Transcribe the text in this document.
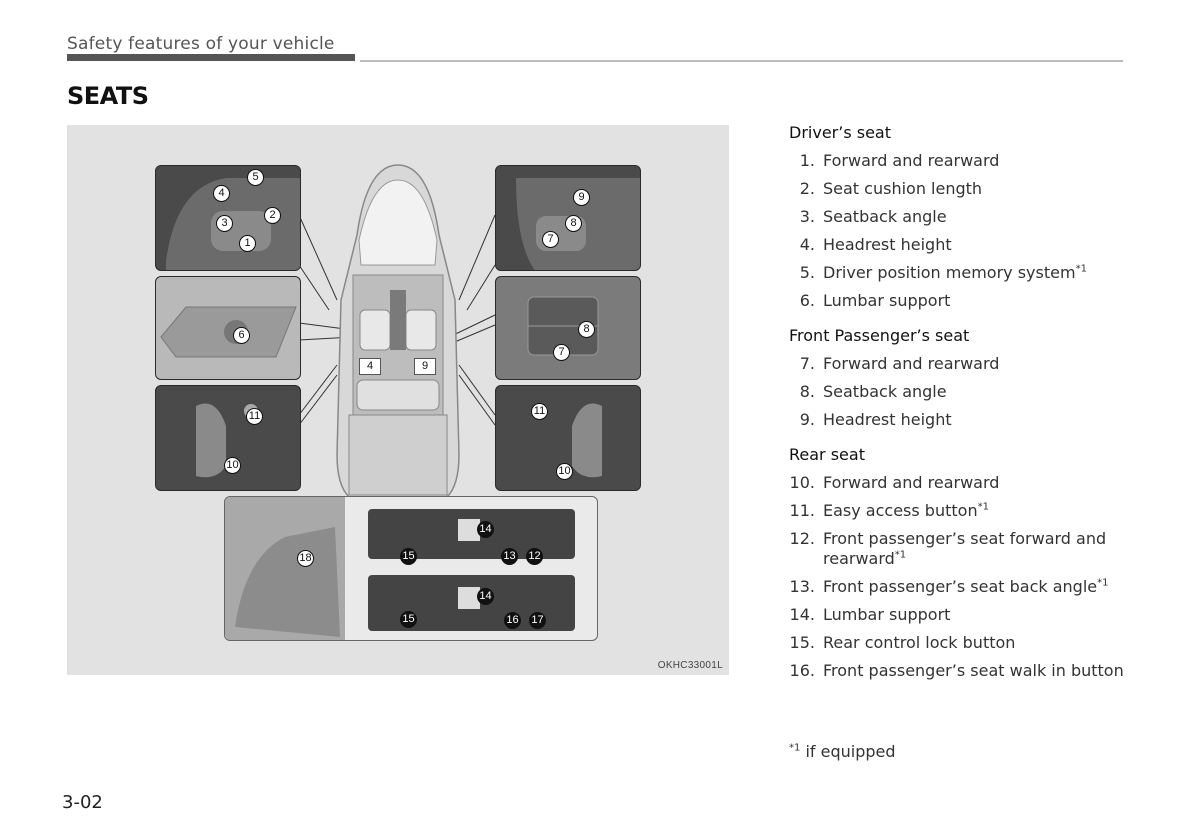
Safety features of your vehicle
SEATS
5
4
3
2
1
6
11
10
9
8
7
8
7
11
10
4	9
18	15
14
13 12
15
14
16 17
OKHC33001L
Driver’s seat
1. Forward and rearward
2. Seat cushion length
3. Seatback angle
4. Headrest height
5. Driver position memory system$^{*1}$
6. Lumbar support
Front Passenger’s seat
7. Forward and rearward
8. Seatback angle
9. Headrest height
Rear seat
10. Forward and rearward
11. Easy access button$^{*1}$
12. Front passenger’s seat forward and rearward$^{*1}$
13. Front passenger’s seat back angle$^{*1}$
14. Lumbar support
15. Rear control lock button
16. Front passenger’s seat walk in button
$^{*1}$ if equipped
3-02
